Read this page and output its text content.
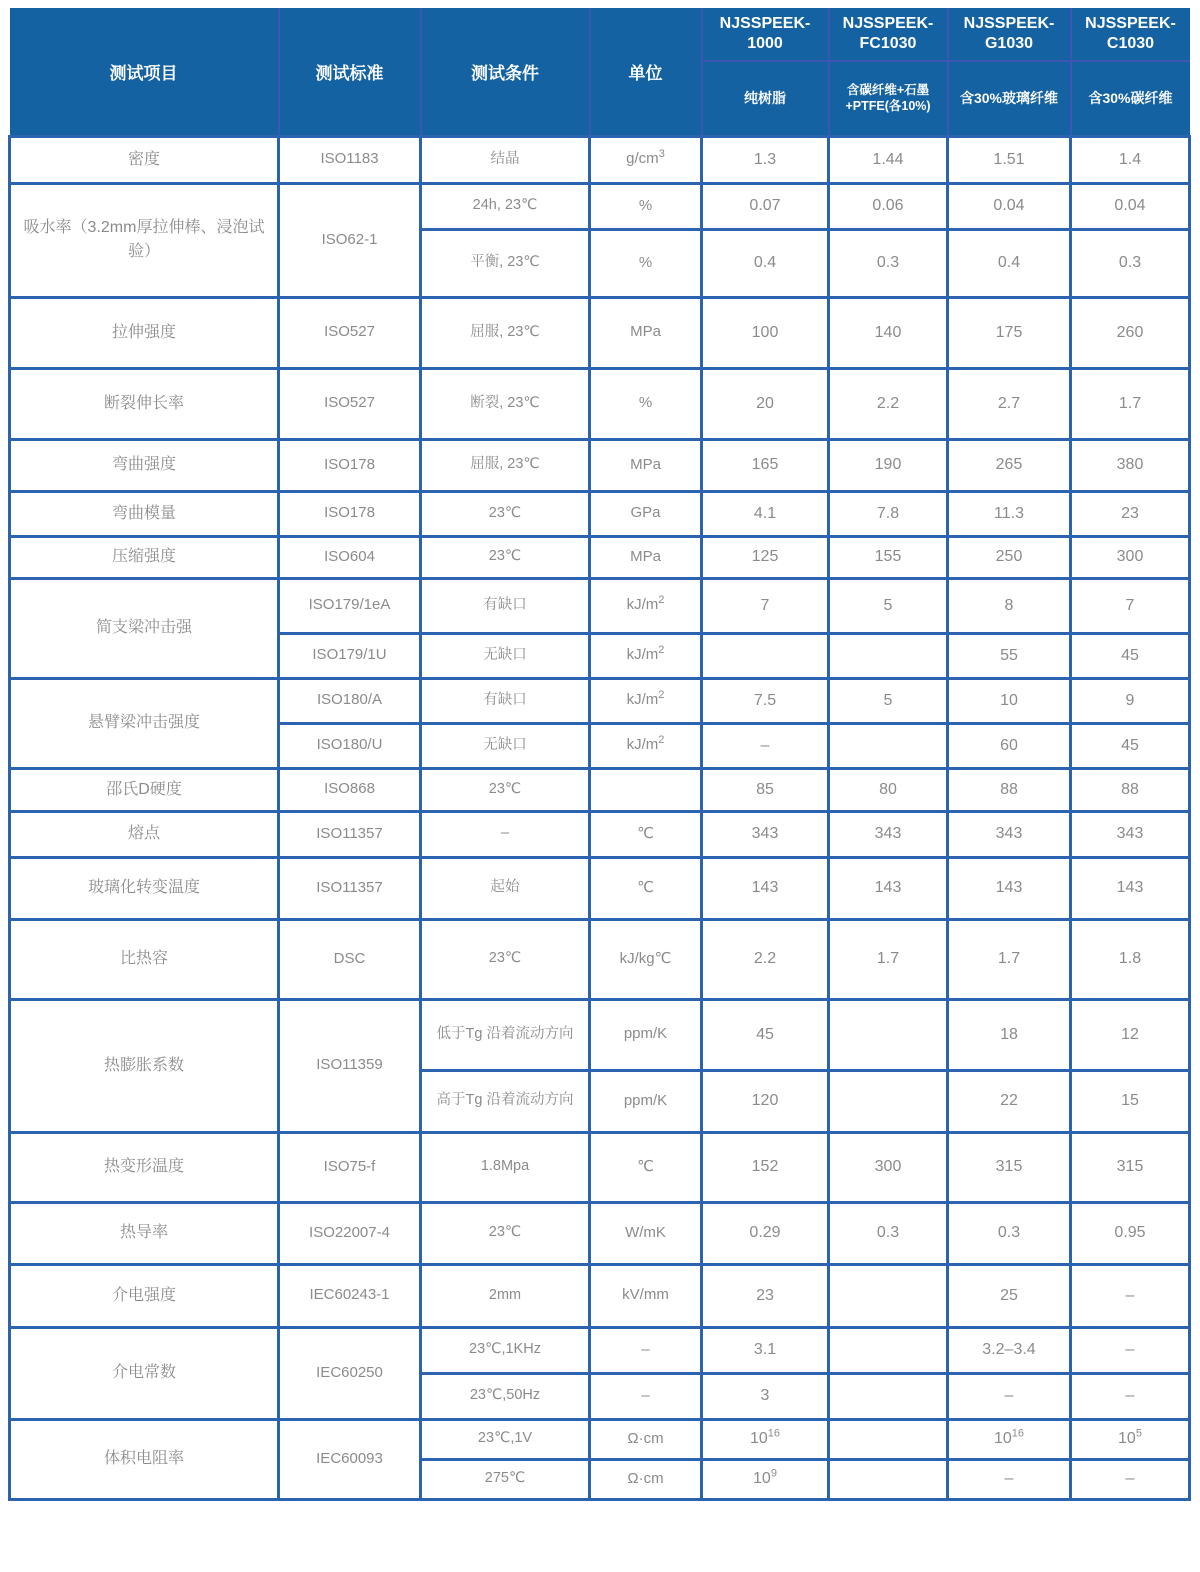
测试项目	测试标准	测试条件	单位	NJSSPEEK-1000	NJSSPEEK-FC1030	NJSSPEEK-G1030	NJSSPEEK-C1030
				纯树脂	含碳纤维+石墨+PTFE(各10%)	含30%玻璃纤维	含30%碳纤维
密度	ISO1183	结晶	$g/cm^3$	1.3	1.44	1.51	1.4
吸水率（3.2mm厚拉伸棒、浸泡试验）	ISO62-1	24h, 23℃	%	0.07	0.06	0.04	0.04
		平衡, 23℃	%	0.4	0.3	0.4	0.3
拉伸强度	ISO527	屈服, 23℃	MPa	100	140	175	260
断裂伸长率	ISO527	断裂, 23℃	%	20	2.2	2.7	1.7
弯曲强度	ISO178	屈服, 23℃	MPa	165	190	265	380
弯曲模量	ISO178	23℃	GPa	4.1	7.8	11.3	23
压缩强度	ISO604	23℃	MPa	125	155	250	300
简支梁冲击强	ISO179/1eA	有缺口	$kJ/m^2$	7	5	8	7
	ISO179/1U	无缺口	$kJ/m^2$			55	45
悬臂梁冲击强度	ISO180/A	有缺口	$kJ/m^2$	7.5	5	10	9
	ISO180/U	无缺口	$kJ/m^2$	–		60	45
邵氏D硬度	ISO868	23℃		85	80	88	88
熔点	ISO11357	–	℃	343	343	343	343
玻璃化转变温度	ISO11357	起始	℃	143	143	143	143
比热容	DSC	23℃	kJ/kg℃	2.2	1.7	1.7	1.8
热膨胀系数	ISO11359	低于Tg 沿着流动方向	ppm/K	45		18	12
		高于Tg 沿着流动方向	ppm/K	120		22	15
热变形温度	ISO75-f	1.8Mpa	℃	152	300	315	315
热导率	ISO22007-4	23℃	W/mK	0.29	0.3	0.3	0.95
介电强度	IEC60243-1	2mm	kV/mm	23		25	–
介电常数	IEC60250	23℃,1KHz	–	3.1		3.2–3.4	–
		23℃,50Hz	–	3		–	–
体积电阻率	IEC60093	23℃,1V	Ω·cm	$10^{16}$		$10^{16}$	$10^5$
		275℃	Ω·cm	$10^9$		–	–
